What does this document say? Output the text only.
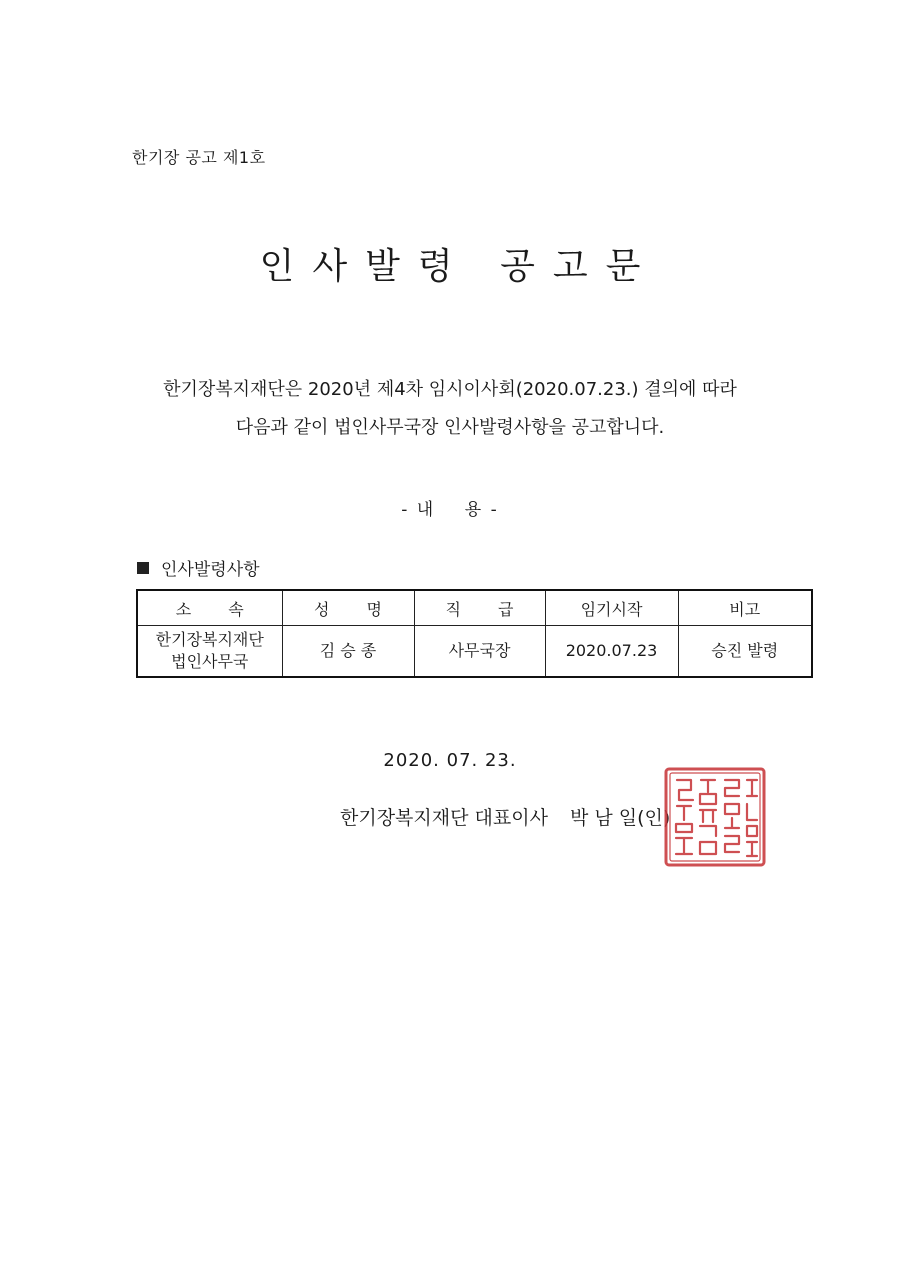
한기장 공고 제1호
인사발령 공고문
한기장복지재단은 2020년 제4차 임시이사회(2020.07.23.) 결의에 따라
다음과 같이 법인사무국장 인사발령사항을 공고합니다.
- 내    용 -
인사발령사항
소 속	성 명	직 급	임기시작	비고

한기장복지재단
법인사무국	김 승 종	사무국장	2020.07.23	승진 발령
2020. 07. 23.
한기장복지재단 대표이사 박 남 일(인)
